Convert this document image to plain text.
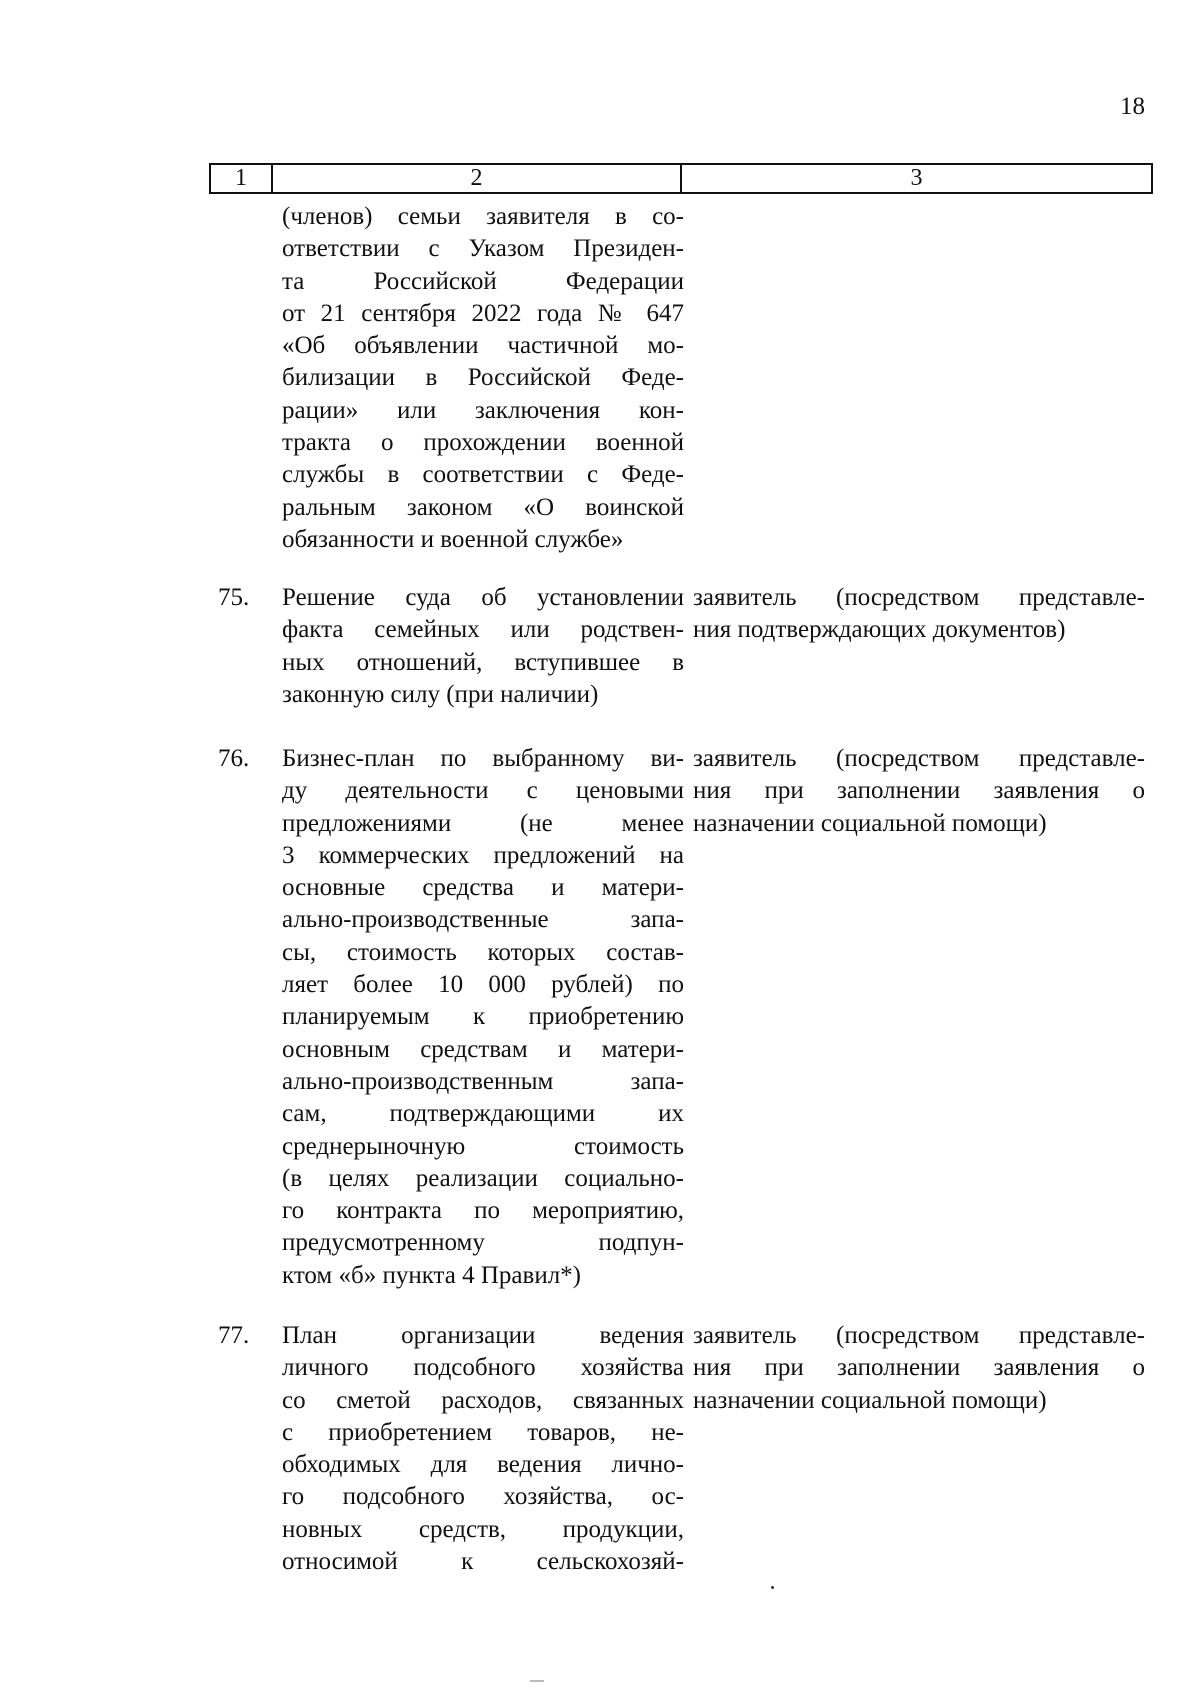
18
1	2	3
(членов) семьи заявителя в со-
ответствии с Указом Президен-
та Российской Федерации
от 21 сентября 2022 года № 647
«Об объявлении частичной мо-
билизации в Российской Феде-
рации» или заключения кон-
тракта о прохождении военной
службы в соответствии с Феде-
ральным законом «О воинской
обязанности и военной службе»
75. Решение суда об установлении
факта семейных или родствен-
ных отношений, вступившее в
законную силу (при наличии)
заявитель (посредством представле-
ния подтверждающих документов)
76. Бизнес-план по выбранному ви-
ду деятельности с ценовыми
предложениями (не менее
3 коммерческих предложений на
основные средства и матери-
ально-производственные запа-
сы, стоимость которых состав-
ляет более 10 000 рублей) по
планируемым к приобретению
основным средствам и матери-
ально-производственным запа-
сам, подтверждающими их
среднерыночную стоимость
(в целях реализации социально-
го контракта по мероприятию,
предусмотренному подпун-
ктом «б» пункта 4 Правил*)
заявитель (посредством представле-
ния при заполнении заявления о
назначении социальной помощи)
77. План организации ведения
личного подсобного хозяйства
со сметой расходов, связанных
с приобретением товаров, не-
обходимых для ведения лично-
го подсобного хозяйства, ос-
новных средств, продукции,
относимой к сельскохозяй-
заявитель (посредством представле-
ния при заполнении заявления о
назначении социальной помощи)
